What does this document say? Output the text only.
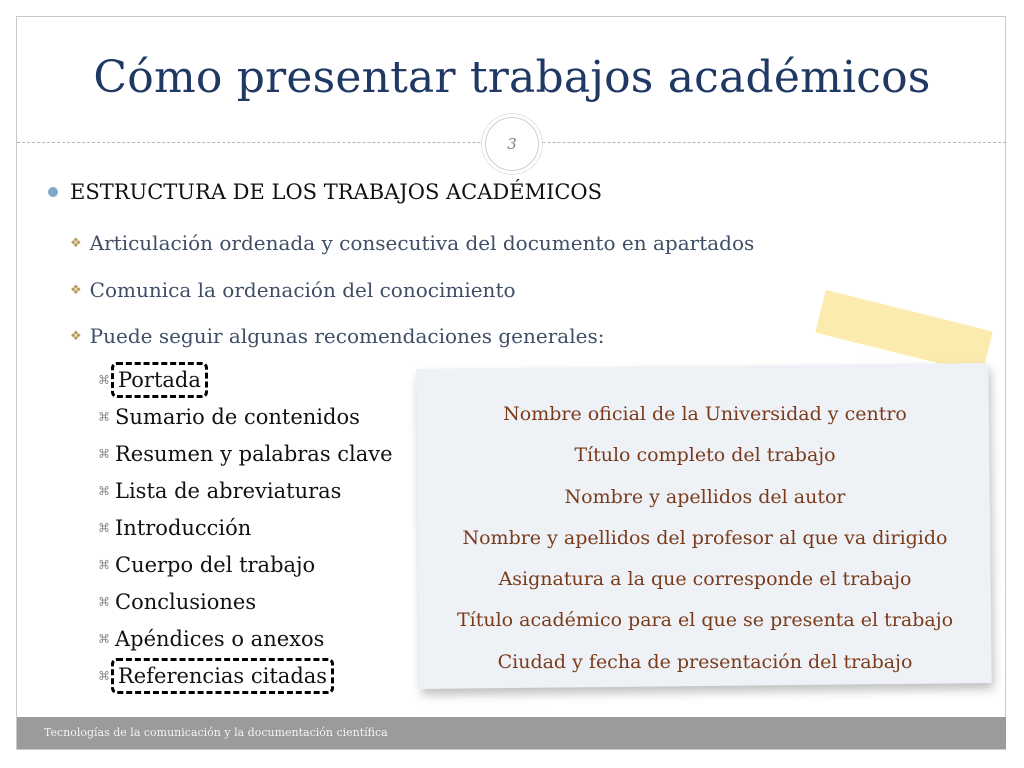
Cómo presentar trabajos académicos
3
ESTRUCTURA DE LOS TRABAJOS ACADÉMICOS
❖ Articulación ordenada y consecutiva del documento en apartados
❖ Comunica la ordenación del conocimiento
❖ Puede seguir algunas recomendaciones generales:
⌘ Portada
⌘ Sumario de contenidos
⌘ Resumen y palabras clave
⌘ Lista de abreviaturas
⌘ Introducción
⌘ Cuerpo del trabajo
⌘ Conclusiones
⌘ Apéndices o anexos
⌘ Referencias citadas
Nombre oficial de la Universidad y centro
Título completo del trabajo
Nombre y apellidos del autor
Nombre y apellidos del profesor al que va dirigido
Asignatura a la que corresponde el trabajo
Título académico para el que se presenta el trabajo
Ciudad y fecha de presentación del trabajo
Tecnologías de la comunicación y la documentación científica
